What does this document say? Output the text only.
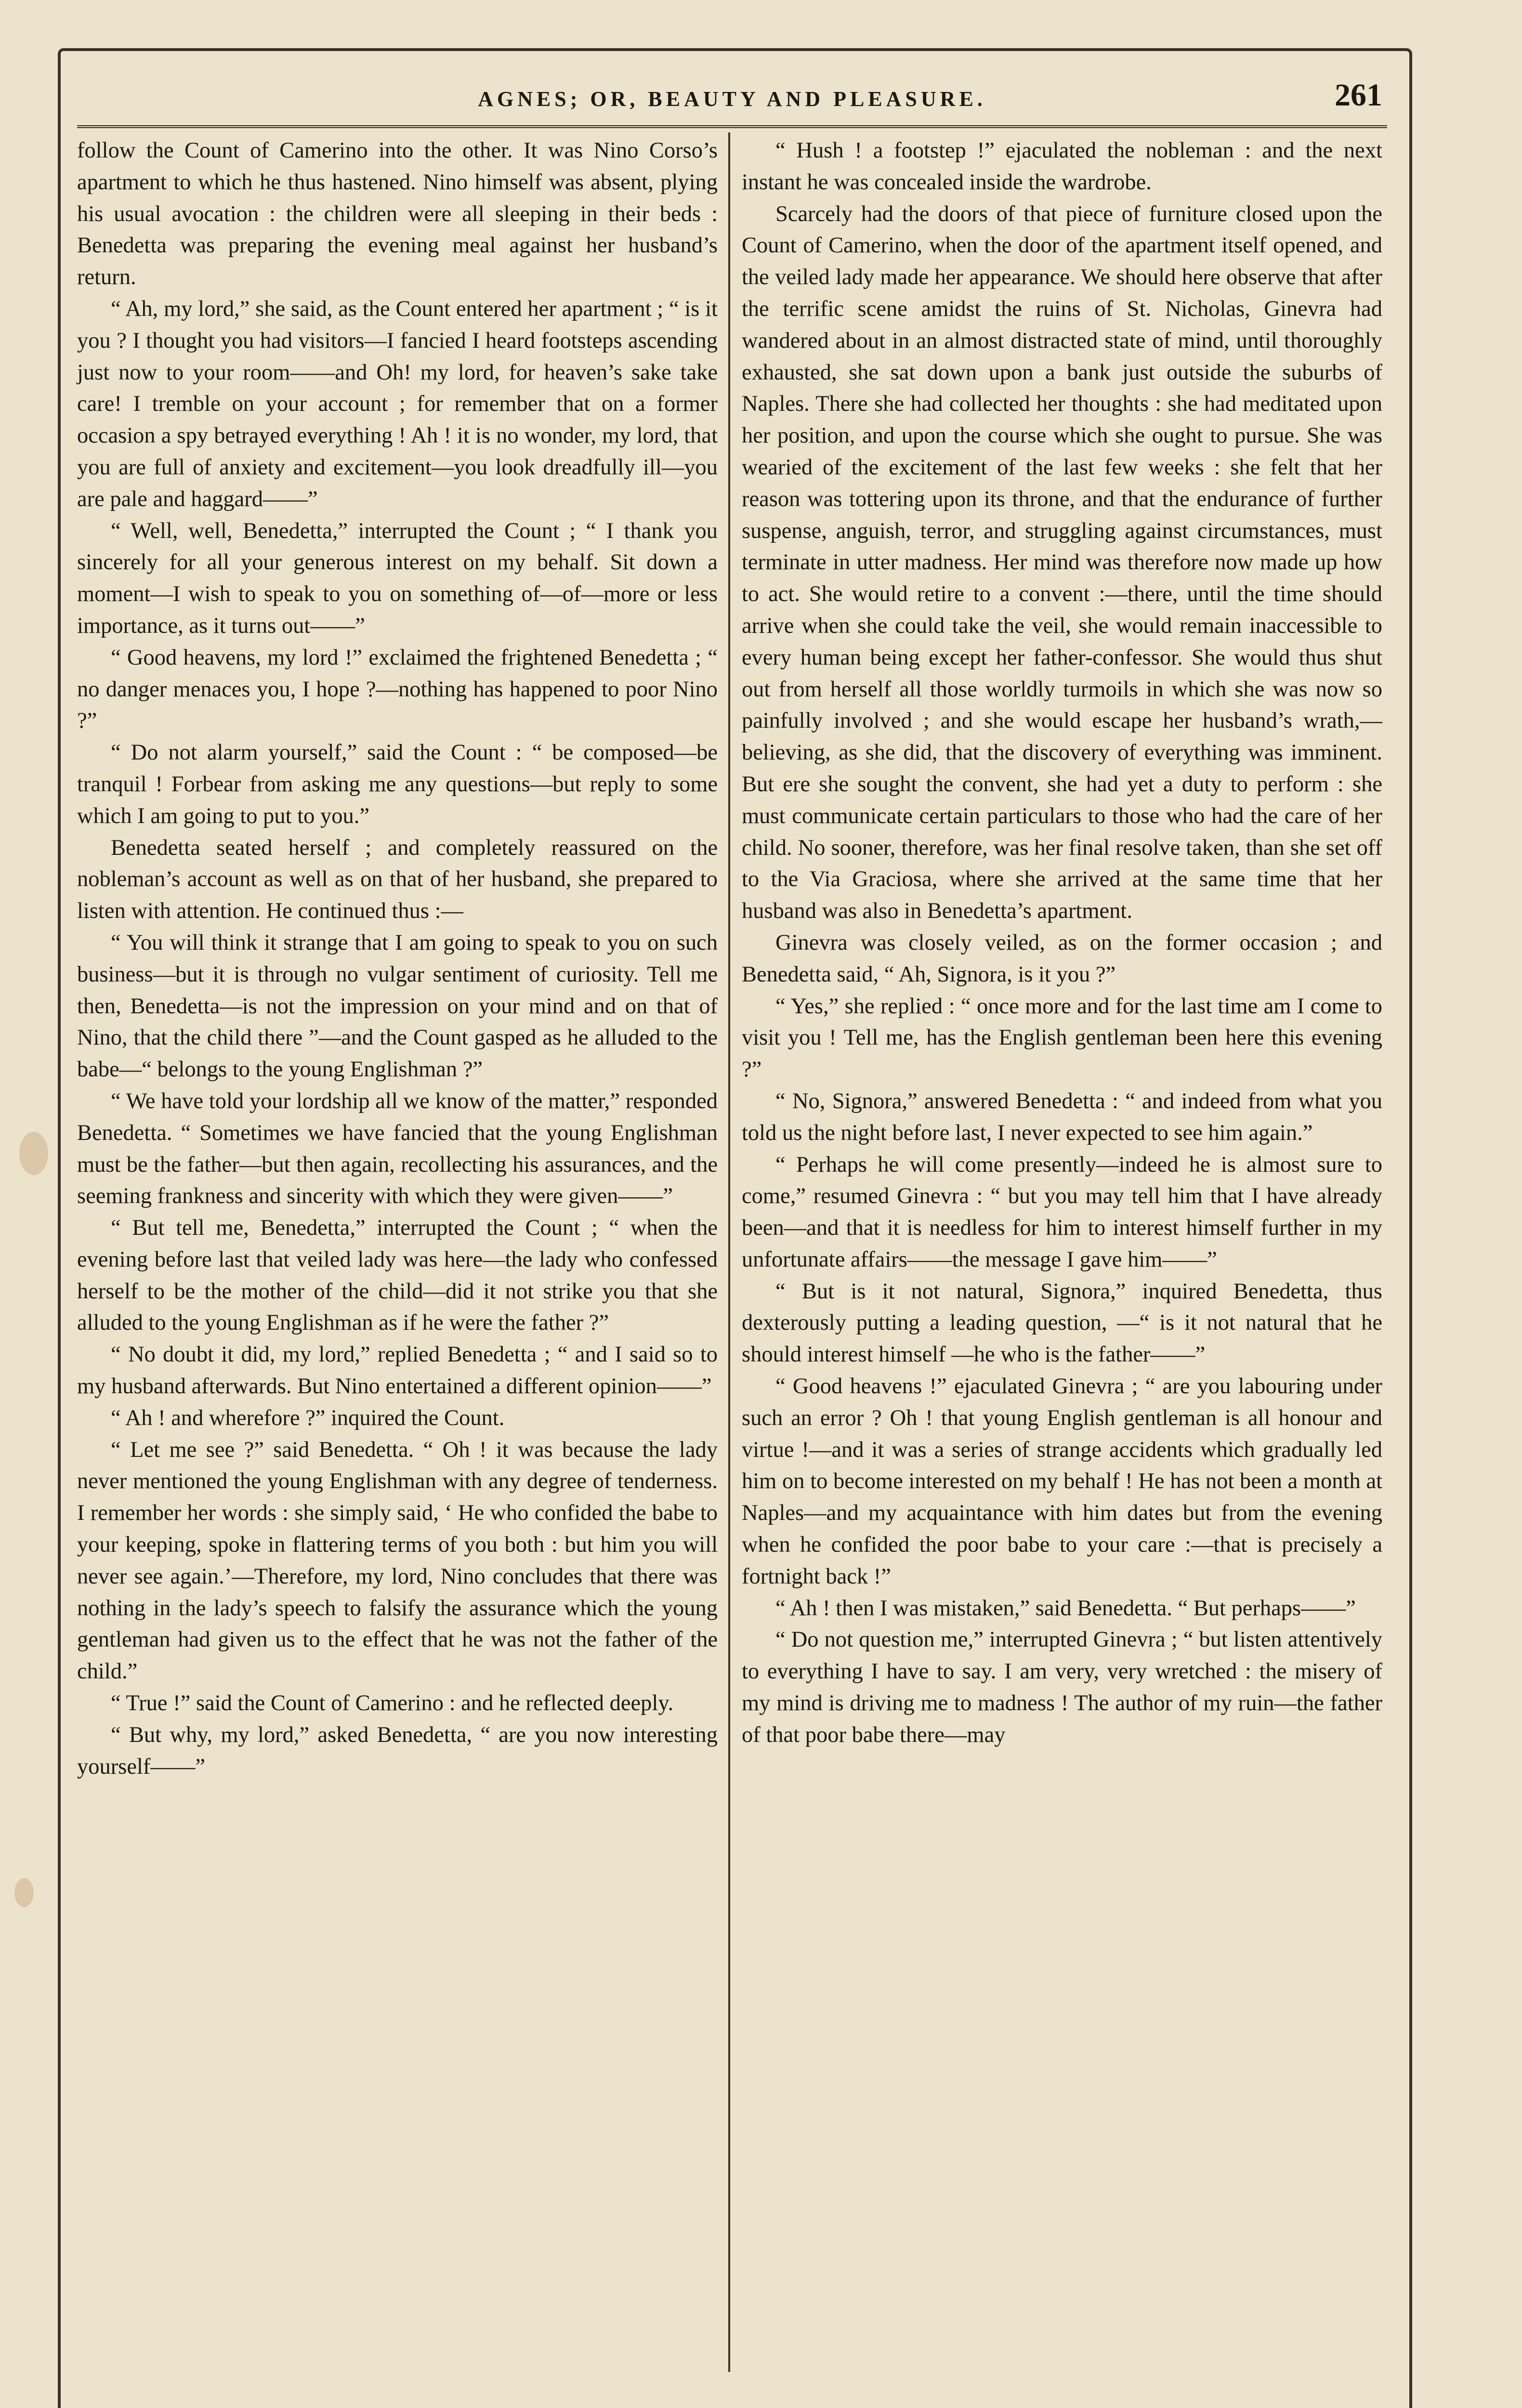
AGNES; OR, BEAUTY AND PLEASURE.	261

follow the Count of Camerino into the other. It was Nino Corso’s apartment to which he thus hastened. Nino himself was absent, plying his usual avocation : the children were all sleeping in their beds : Benedetta was preparing the evening meal against her husband’s return.

“ Ah, my lord,” she said, as the Count entered her apartment ; “ is it you ? I thought you had visitors—I fancied I heard footsteps ascending just now to your room——and Oh! my lord, for heaven’s sake take care! I tremble on your account ; for remember that on a former occasion a spy betrayed everything ! Ah ! it is no wonder, my lord, that you are full of anxiety and excitement—you look dreadfully ill—you are pale and haggard——”

“ Well, well, Benedetta,” interrupted the Count ; “ I thank you sincerely for all your generous interest on my behalf. Sit down a moment—I wish to speak to you on something of—of—more or less importance, as it turns out——”

“ Good heavens, my lord !” exclaimed the frightened Benedetta ; “ no danger menaces you, I hope ?—nothing has happened to poor Nino ?”

“ Do not alarm yourself,” said the Count : “ be composed—be tranquil ! Forbear from asking me any questions—but reply to some which I am going to put to you.”

Benedetta seated herself ; and completely reassured on the nobleman’s account as well as on that of her husband, she prepared to listen with attention. He continued thus :—

“ You will think it strange that I am going to speak to you on such business—but it is through no vulgar sentiment of curiosity. Tell me then, Benedetta—is not the impression on your mind and on that of Nino, that the child there ”—and the Count gasped as he alluded to the babe—“ belongs to the young Englishman ?”

“ We have told your lordship all we know of the matter,” responded Benedetta. “ Sometimes we have fancied that the young Englishman must be the father—but then again, recollecting his assurances, and the seeming frankness and sincerity with which they were given——”

“ But tell me, Benedetta,” interrupted the Count ; “ when the evening before last that veiled lady was here—the lady who confessed herself to be the mother of the child—did it not strike you that she alluded to the young Englishman as if he were the father ?”

“ No doubt it did, my lord,” replied Benedetta ; “ and I said so to my husband afterwards. But Nino entertained a different opinion——”

“ Ah ! and wherefore ?” inquired the Count.

“ Let me see ?” said Benedetta. “ Oh ! it was because the lady never mentioned the young Englishman with any degree of tenderness. I remember her words : she simply said, ‘ He who confided the babe to your keeping, spoke in flattering terms of you both : but him you will never see again.’—Therefore, my lord, Nino concludes that there was nothing in the lady’s speech to falsify the assurance which the young gentleman had given us to the effect that he was not the father of the child.”

“ True !” said the Count of Camerino : and he reflected deeply.

“ But why, my lord,” asked Benedetta, “ are you now interesting yourself——”

“ Hush ! a footstep !” ejaculated the nobleman : and the next instant he was concealed inside the wardrobe.

Scarcely had the doors of that piece of furniture closed upon the Count of Camerino, when the door of the apartment itself opened, and the veiled lady made her appearance. We should here observe that after the terrific scene amidst the ruins of St. Nicholas, Ginevra had wandered about in an almost distracted state of mind, until thoroughly exhausted, she sat down upon a bank just outside the suburbs of Naples. There she had collected her thoughts : she had meditated upon her position, and upon the course which she ought to pursue. She was wearied of the excitement of the last few weeks : she felt that her reason was tottering upon its throne, and that the endurance of further suspense, anguish, terror, and struggling against circumstances, must terminate in utter madness. Her mind was therefore now made up how to act. She would retire to a convent :—there, until the time should arrive when she could take the veil, she would remain inaccessible to every human being except her father-confessor. She would thus shut out from herself all those worldly turmoils in which she was now so painfully involved ; and she would escape her husband’s wrath,—believing, as she did, that the discovery of everything was imminent. But ere she sought the convent, she had yet a duty to perform : she must communicate certain particulars to those who had the care of her child. No sooner, therefore, was her final resolve taken, than she set off to the Via Graciosa, where she arrived at the same time that her husband was also in Benedetta’s apartment.

Ginevra was closely veiled, as on the former occasion ; and Benedetta said, “ Ah, Signora, is it you ?”

“ Yes,” she replied : “ once more and for the last time am I come to visit you ! Tell me, has the English gentleman been here this evening ?”

“ No, Signora,” answered Benedetta : “ and indeed from what you told us the night before last, I never expected to see him again.”

“ Perhaps he will come presently—indeed he is almost sure to come,” resumed Ginevra : “ but you may tell him that I have already been—and that it is needless for him to interest himself further in my unfortunate affairs——the message I gave him——”

“ But is it not natural, Signora,” inquired Benedetta, thus dexterously putting a leading question, —“ is it not natural that he should interest himself —he who is the father——”

“ Good heavens !” ejaculated Ginevra ; “ are you labouring under such an error ? Oh ! that young English gentleman is all honour and virtue !—and it was a series of strange accidents which gradually led him on to become interested on my behalf ! He has not been a month at Naples—and my acquaintance with him dates but from the evening when he confided the poor babe to your care :—that is precisely a fortnight back !”

“ Ah ! then I was mistaken,” said Benedetta. “ But perhaps——”

“ Do not question me,” interrupted Ginevra ; “ but listen attentively to everything I have to say. I am very, very wretched : the misery of my mind is driving me to madness ! The author of my ruin—the father of that poor babe there—may
